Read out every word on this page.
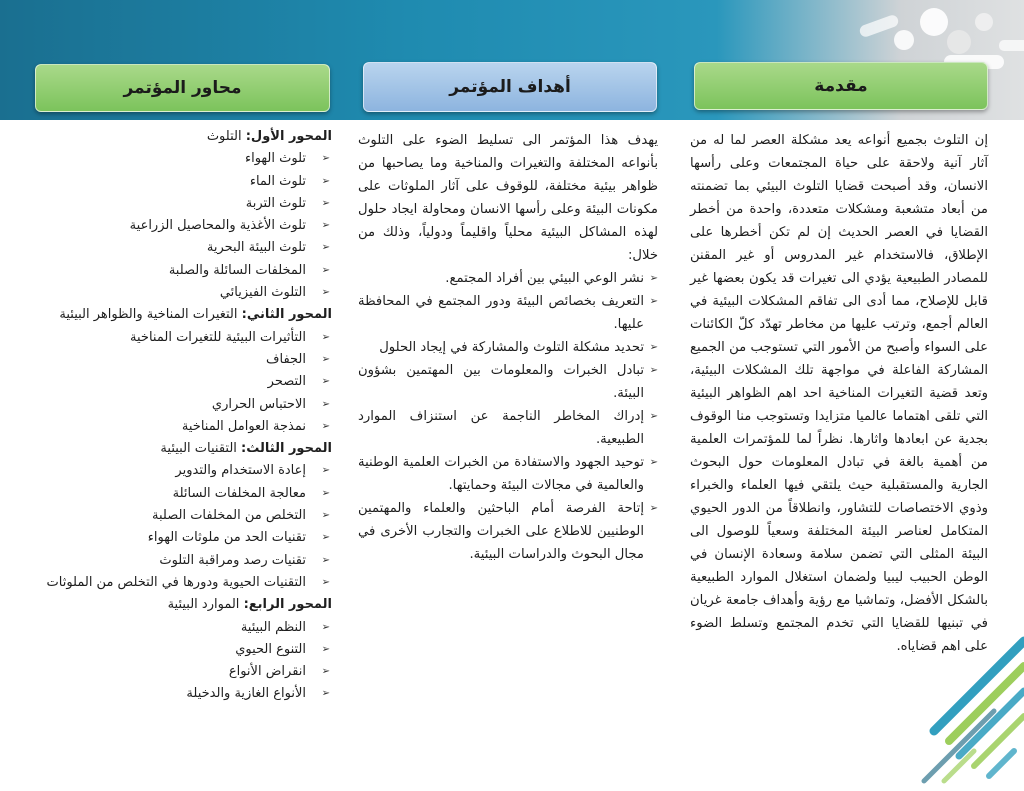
مقدمة
أهداف المؤتمر
محاور المؤتمر

إن التلوث بجميع أنواعه يعد مشكلة العصر لما له من آثار آنية ولاحقة على حياة المجتمعات وعلى رأسها الانسان، وقد أصبحت قضايا التلوث البيئي بما تضمنته من أبعاد متشعبة ومشكلات متعددة، واحدة من أخطر القضايا في العصر الحديث إن لم تكن أخطرها على الإطلاق، فالاستخدام غير المدروس أو غير المقنن للمصادر الطبيعية يؤدي الى تغيرات قد يكون بعضها غير قابل للإصلاح، مما أدى الى تفاقم المشكلات البيئية في العالم أجمع، وترتب عليها من مخاطر تهدّد كلّ الكائنات على السواء وأصبح من الأمور التي تستوجب من الجميع المشاركة الفاعلة في مواجهة تلك المشكلات البيئية، وتعد قضية التغيرات المناخية احد اهم الظواهر البيئية التي تلقى اهتماما عالميا متزايدا وتستوجب منا الوقوف بجدية عن ابعادها واثارها. نظراً لما للمؤتمرات العلمية من أهمية بالغة في تبادل المعلومات حول البحوث الجارية والمستقبلية حيث يلتقي فيها العلماء والخبراء وذوي الاختصاصات للتشاور، وانطلاقاً من الدور الحيوي المتكامل لعناصر البيئة المختلفة وسعياً للوصول الى البيئة المثلى التي تضمن سلامة وسعادة الإنسان في الوطن الحبيب ليبيا ولضمان استغلال الموارد الطبيعية بالشكل الأفضل، وتماشيا مع رؤية وأهداف جامعة غريان في تبنيها للقضايا التي تخدم المجتمع وتسلط الضوء على اهم قضاياه.

يهدف هذا المؤتمر الى تسليط الضوء على التلوث بأنواعه المختلفة والتغيرات والمناخية وما يصاحبها من ظواهر بيئية مختلفة، للوقوف على آثار الملوثات على مكونات البيئة وعلى رأسها الانسان ومحاولة ايجاد حلول لهذه المشاكل البيئية محلياً واقليماً ودولياً، وذلك من خلال:

➢
نشر الوعي البيئي بين أفراد المجتمع.
➢
التعريف بخصائص البيئة ودور المجتمع في المحافظة عليها.
➢
تحديد مشكلة التلوث والمشاركة في إيجاد الحلول
➢
تبادل الخبرات والمعلومات بين المهتمين بشؤون البيئة.
➢
إدراك المخاطر الناجمة عن استنزاف الموارد الطبيعية.
➢
توحيد الجهود والاستفادة من الخبرات العلمية الوطنية والعالمية في مجالات البيئة وحمايتها.
➢
إتاحة الفرصة أمام الباحثين والعلماء والمهتمين الوطنيين للاطلاع على الخبرات والتجارب الأخرى في مجال البحوث والدراسات البيئية.
المحور الأول: التلوث
➢
تلوث الهواء
➢
تلوث الماء
➢
تلوث التربة
➢
تلوث الأغذية والمحاصيل الزراعية
➢
تلوث البيئة البحرية
➢
المخلفات السائلة والصلبة
➢
التلوث الفيزيائي
المحور الثاني: التغيرات المناخية والظواهر البيئية
➢
التأثيرات البيئية للتغيرات المناخية
➢
الجفاف
➢
التصحر
➢
الاحتباس الحراري
➢
نمذجة العوامل المناخية
المحور الثالث: التقنيات البيئية
➢
إعادة الاستخدام والتدوير
➢
معالجة المخلفات السائلة
➢
التخلص من المخلفات الصلبة
➢
تقنيات الحد من ملوثات الهواء
➢
تقنيات رصد ومراقبة التلوث
➢
التقنيات الحيوية ودورها في التخلص من الملوثات
المحور الرابع: الموارد البيئية
➢
النظم البيئية
➢
التنوع الحيوي
➢
انقراض الأنواع
➢
الأنواع الغازية والدخيلة
